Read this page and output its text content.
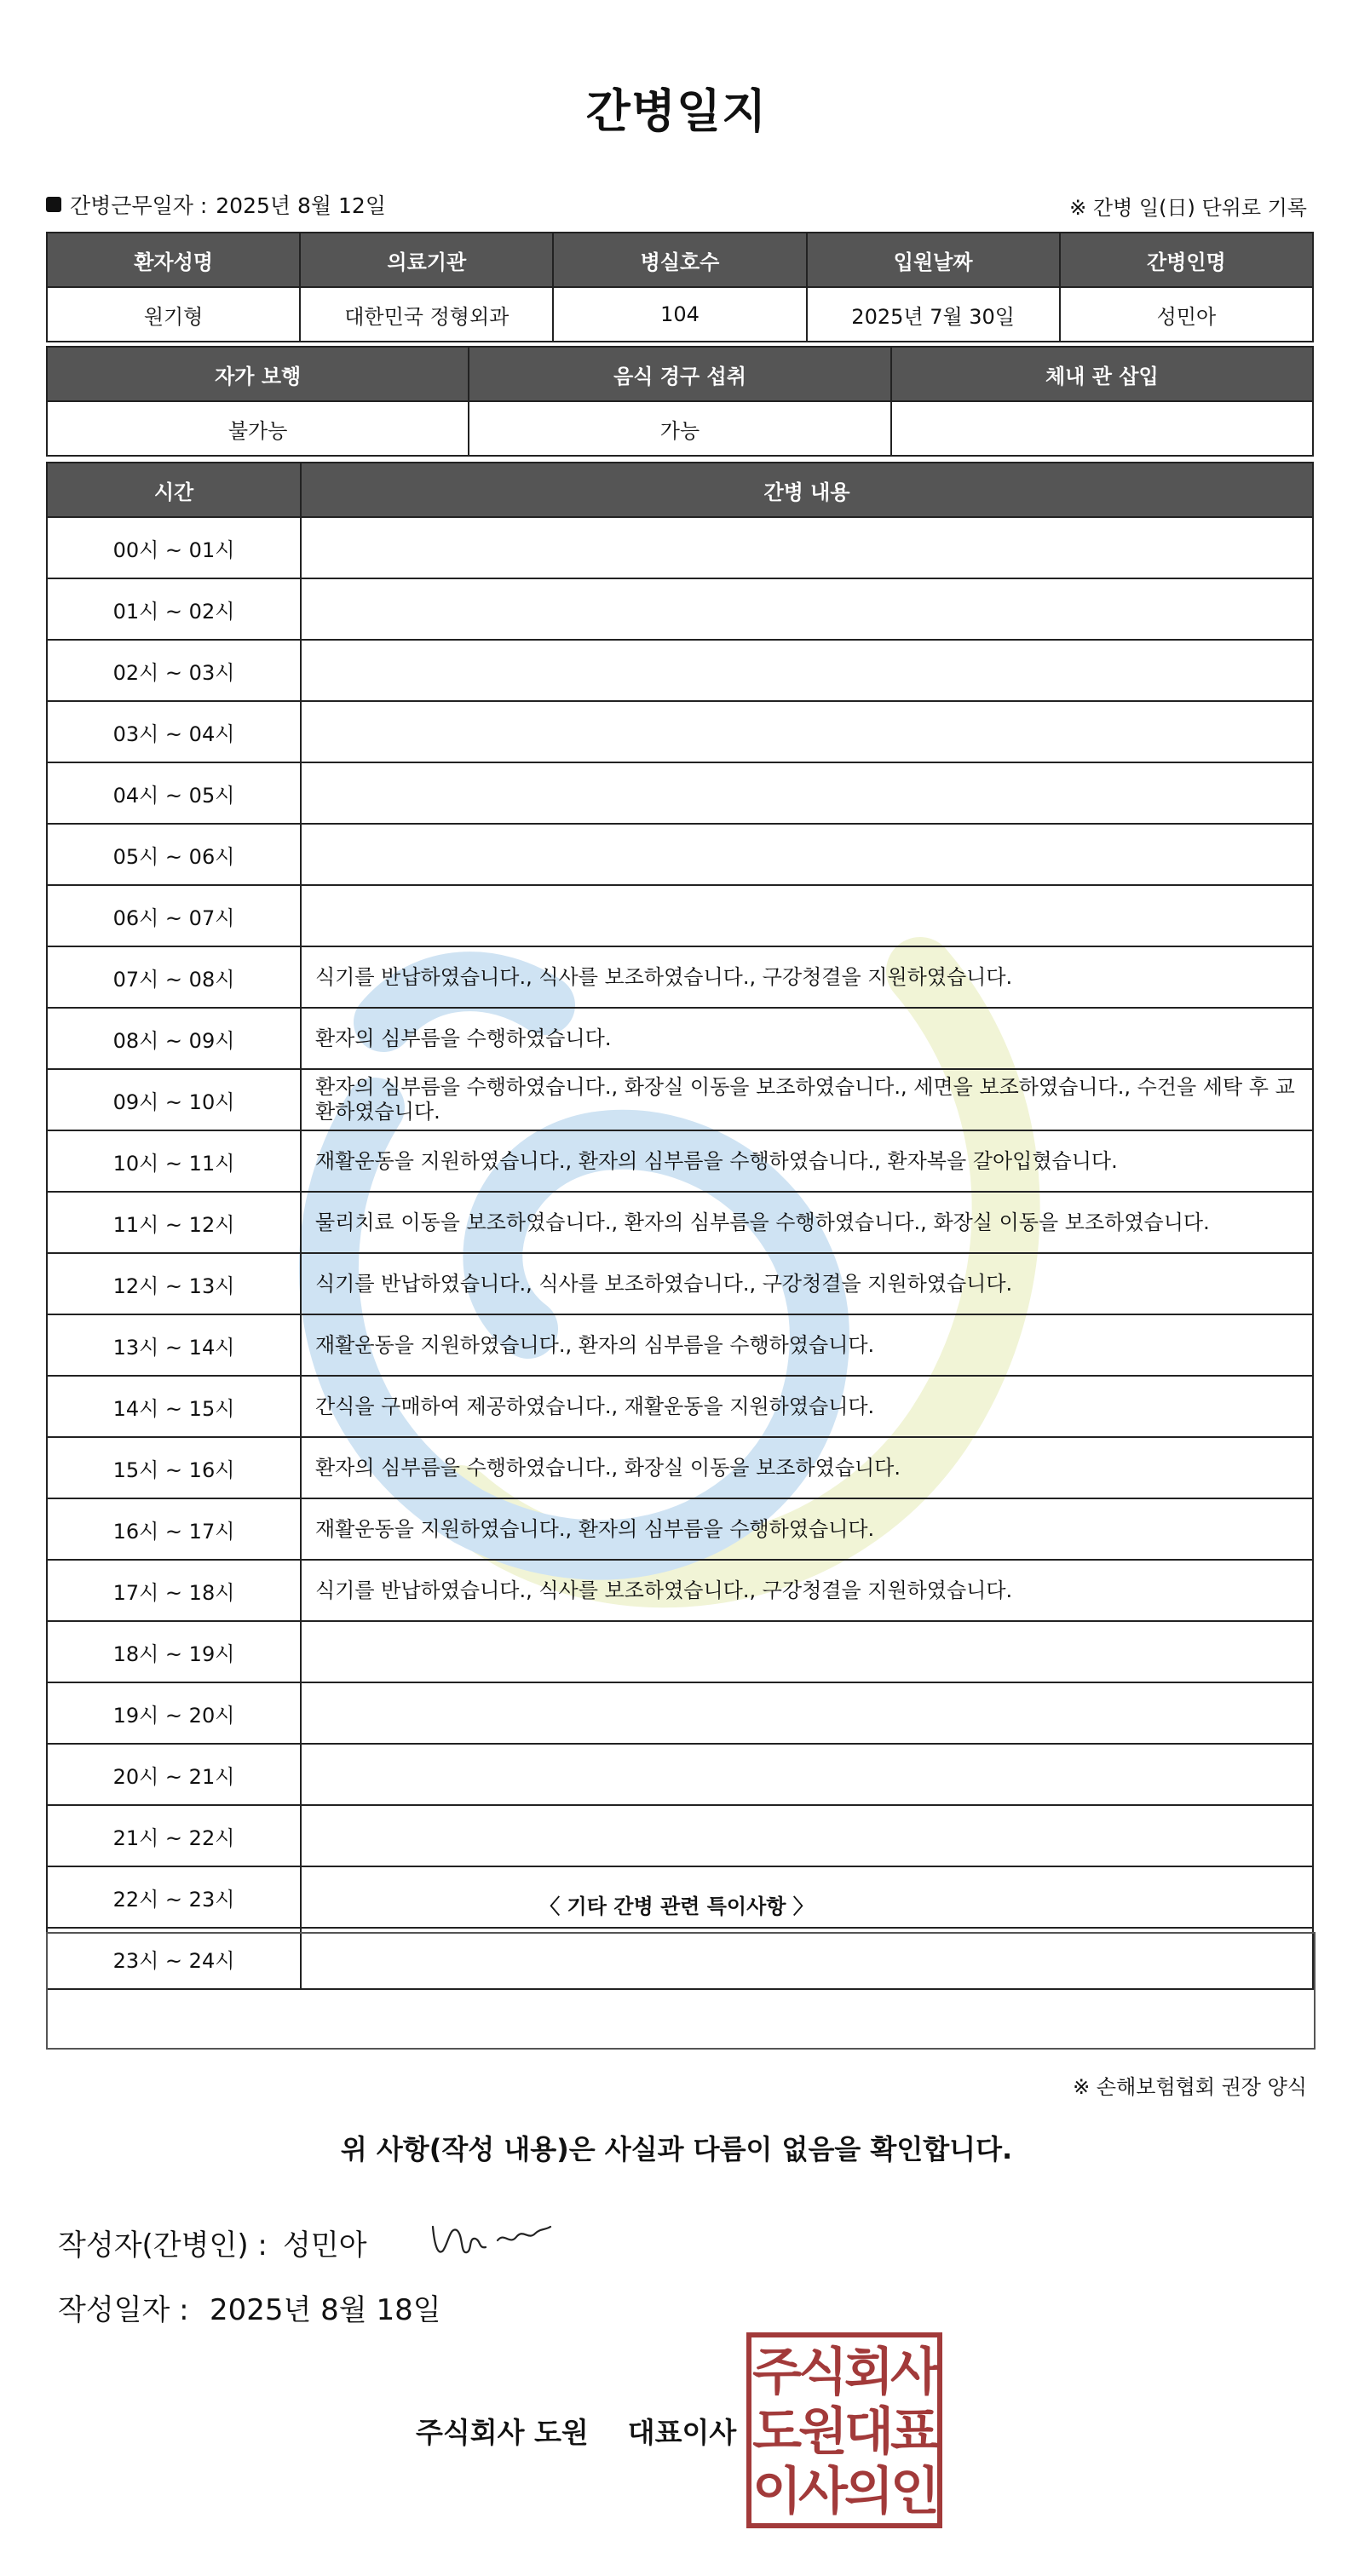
간병일지
간병근무일자 : 2025년 8월 12일	※ 간병 일(日) 단위로 기록
환자성명	의료기관	병실호수	입원날짜	간병인명
원기형	대한민국 정형외과	104	2025년 7월 30일	성민아
자가 보행	음식 경구 섭취	체내 관 삽입
불가능	가능	
시간	간병 내용
00시 ~ 01시	
01시 ~ 02시	
02시 ~ 03시	
03시 ~ 04시	
04시 ~ 05시	
05시 ~ 06시	
06시 ~ 07시	
07시 ~ 08시	식기를 반납하였습니다., 식사를 보조하였습니다., 구강청결을 지원하였습니다.
08시 ~ 09시	환자의 심부름을 수행하였습니다.
09시 ~ 10시	환자의 심부름을 수행하였습니다., 화장실 이동을 보조하였습니다., 세면을 보조하였습니다., 수건을 세탁 후 교환하였습니다.
10시 ~ 11시	재활운동을 지원하였습니다., 환자의 심부름을 수행하였습니다., 환자복을 갈아입혔습니다.
11시 ~ 12시	물리치료 이동을 보조하였습니다., 환자의 심부름을 수행하였습니다., 화장실 이동을 보조하였습니다.
12시 ~ 13시	식기를 반납하였습니다., 식사를 보조하였습니다., 구강청결을 지원하였습니다.
13시 ~ 14시	재활운동을 지원하였습니다., 환자의 심부름을 수행하였습니다.
14시 ~ 15시	간식을 구매하여 제공하였습니다., 재활운동을 지원하였습니다.
15시 ~ 16시	환자의 심부름을 수행하였습니다., 화장실 이동을 보조하였습니다.
16시 ~ 17시	재활운동을 지원하였습니다., 환자의 심부름을 수행하였습니다.
17시 ~ 18시	식기를 반납하였습니다., 식사를 보조하였습니다., 구강청결을 지원하였습니다.
18시 ~ 19시	
19시 ~ 20시	
20시 ~ 21시	
21시 ~ 22시	
22시 ~ 23시	
23시 ~ 24시	
〈 기타 간병 관련 특이사항 〉
※ 손해보험협회 권장 양식
위 사항(작성 내용)은 사실과 다름이 없음을 확인합니다.
작성자(간병인) : 성민아
작성일자 : 2025년 8월 18일
주식회사 도원    대표이사
주식회사
도원대표
이사의인
